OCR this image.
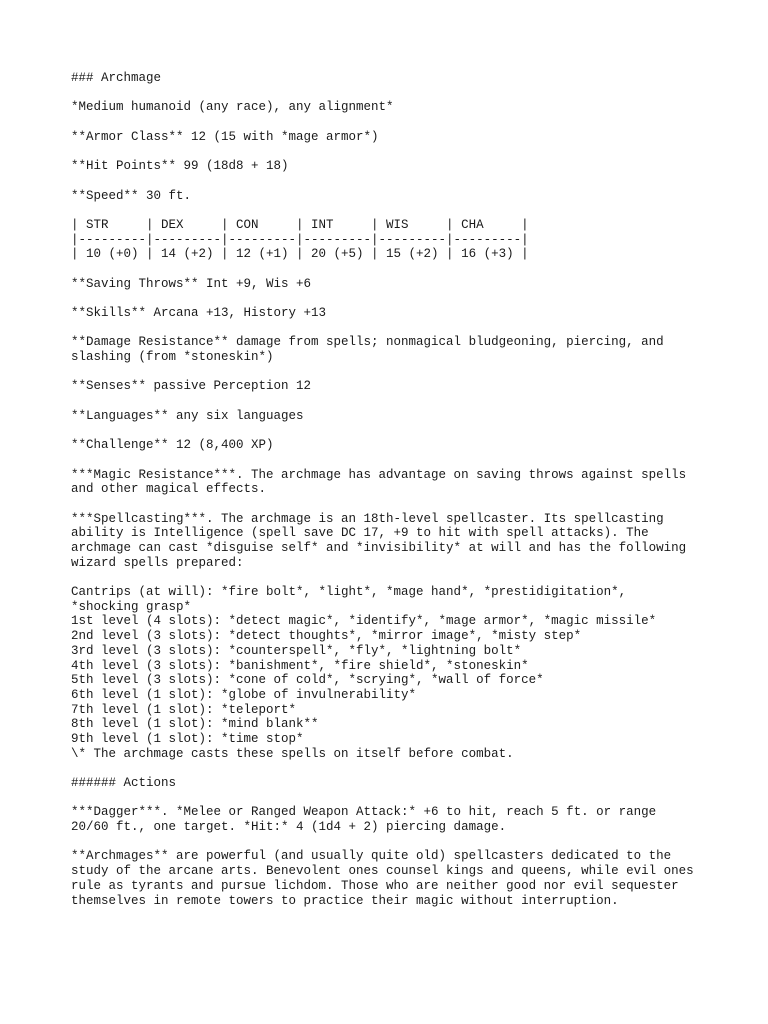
### Archmage
*Medium humanoid (any race), any alignment*
**Armor Class** 12 (15 with *mage armor*)
**Hit Points** 99 (18d8 + 18)
**Speed** 30 ft.
| STR     | DEX     | CON     | INT     | WIS     | CHA     |
|---------|---------|---------|---------|---------|---------|
| 10 (+0) | 14 (+2) | 12 (+1) | 20 (+5) | 15 (+2) | 16 (+3) |
**Saving Throws** Int +9, Wis +6
**Skills** Arcana +13, History +13
**Damage Resistance** damage from spells; nonmagical bludgeoning, piercing, and
slashing (from *stoneskin*)
**Senses** passive Perception 12
**Languages** any six languages
**Challenge** 12 (8,400 XP)
***Magic Resistance***. The archmage has advantage on saving throws against spells
and other magical effects.
***Spellcasting***. The archmage is an 18th-level spellcaster. Its spellcasting
ability is Intelligence (spell save DC 17, +9 to hit with spell attacks). The
archmage can cast *disguise self* and *invisibility* at will and has the following
wizard spells prepared:
Cantrips (at will): *fire bolt*, *light*, *mage hand*, *prestidigitation*,
*shocking grasp*
1st level (4 slots): *detect magic*, *identify*, *mage armor*, *magic missile*
2nd level (3 slots): *detect thoughts*, *mirror image*, *misty step*
3rd level (3 slots): *counterspell*, *fly*, *lightning bolt*
4th level (3 slots): *banishment*, *fire shield*, *stoneskin*
5th level (3 slots): *cone of cold*, *scrying*, *wall of force*
6th level (1 slot): *globe of invulnerability*
7th level (1 slot): *teleport*
8th level (1 slot): *mind blank**
9th level (1 slot): *time stop*
\* The archmage casts these spells on itself before combat.
###### Actions
***Dagger***. *Melee or Ranged Weapon Attack:* +6 to hit, reach 5 ft. or range
20/60 ft., one target. *Hit:* 4 (1d4 + 2) piercing damage.
**Archmages** are powerful (and usually quite old) spellcasters dedicated to the
study of the arcane arts. Benevolent ones counsel kings and queens, while evil ones
rule as tyrants and pursue lichdom. Those who are neither good nor evil sequester
themselves in remote towers to practice their magic without interruption.
